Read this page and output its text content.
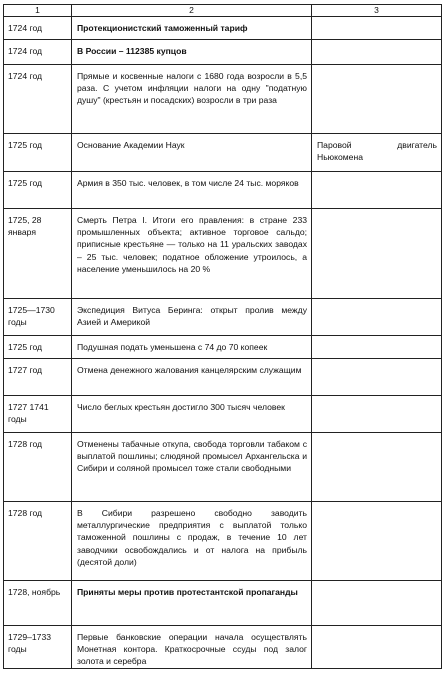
1	2	3
1724 год	Протекционистский таможенный тариф	
1724 год	В России – 112385 купцов	
1724 год	Прямые и косвенные налоги с 1680 года возросли в 5,5 раза. С учетом инфляции налоги на одну "податную душу" (крестьян и посадских) возросли в три раза	
1725 год	Основание Академии Наук	Паровой двигатель Ньюкомена
1725 год	Армия в 350 тыс. человек, в том числе 24 тыс. моряков	
1725, 28 января	Смерть Петра I. Итоги его правления: в стране 233 промышленных объекта; активное торговое сальдо; приписные крестьяне — только на 11 уральских заводах – 25 тыс. человек; податное обложение утроилось, а население уменьшилось на 20 %	
1725—1730 годы	Экспедиция Витуса Беринга: открыт пролив между Азией и Америкой	
1725 год	Подушная подать уменьшена с 74 до 70 копеек	
1727 год	Отмена денежного жалования канцелярским служащим	
1727 1741 годы	Число беглых крестьян достигло 300 тысяч человек	
1728 год	Отменены табачные откупа, свобода торговли табаком с выплатой пошлины; слюдяной промысел Архангельска и Сибири и соляной промысел тоже стали свободными	
1728 год	В Сибири разрешено свободно заводить металлургические предприятия с выплатой только таможенной пошлины с продаж, в течение 10 лет заводчики освобождались и от налога на прибыль (десятой доли)	
1728, ноябрь	Приняты меры против протестантской пропаганды	
1729–1733 годы	Первые банковские операции начала осуществлять Монетная контора. Краткосрочные ссуды под залог золота и серебра	
